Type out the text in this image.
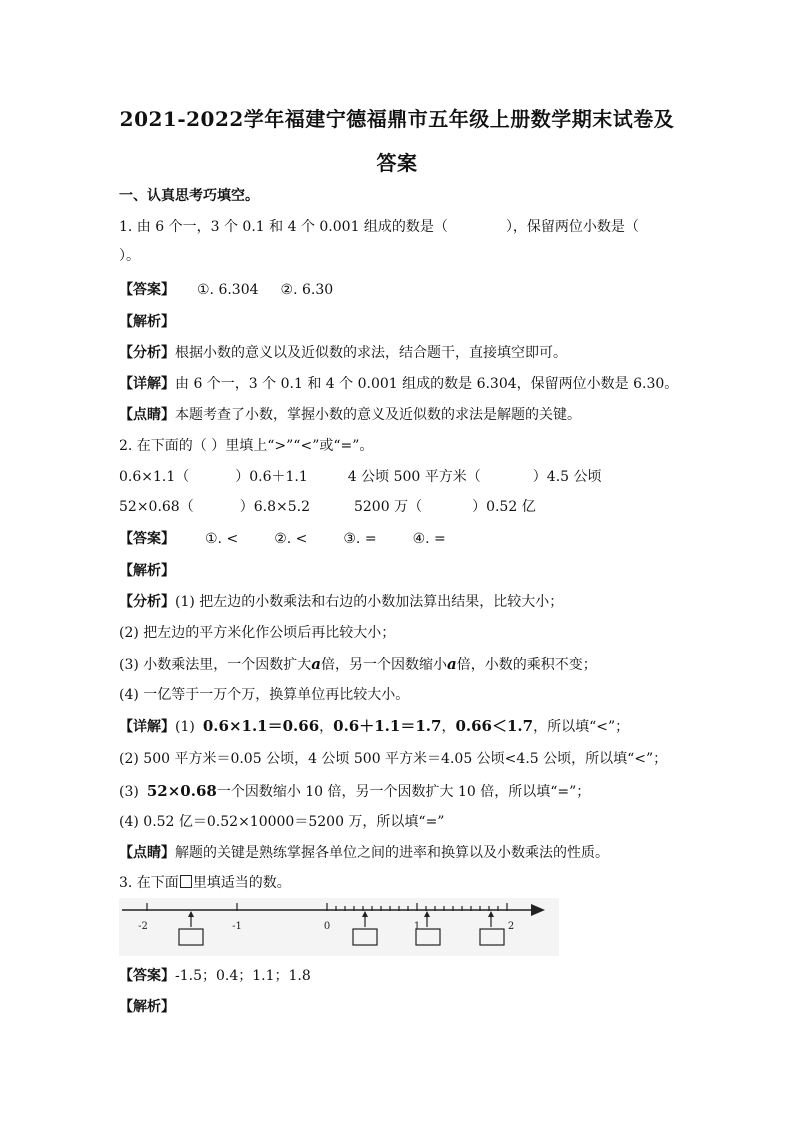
2021-2022学年福建宁德福鼎市五年级上册数学期末试卷及
答案
一、认真思考巧填空。
1. 由 6 个一，3 个 0.1 和 4 个 0.001 组成的数是（	），保留两位小数是（
）。
【答案】 ①. 6.304 ②. 6.30
【解析】
【分析】根据小数的意义以及近似数的求法，结合题干，直接填空即可。
【详解】由 6 个一，3 个 0.1 和 4 个 0.001 组成的数是 6.304，保留两位小数是 6.30。
【点睛】本题考查了小数，掌握小数的意义及近似数的求法是解题的关键。
2. 在下面的（ ）里填上“>”“<”或“=”。
0.6×1.1（	）0.6＋1.1	4 公顷 500 平方米（	）4.5 公顷
52×0.68（	）6.8×5.2	5200 万（	）0.52 亿
【答案】 ①. <	②. <	③. =	④. =
【解析】
【分析】(1) 把左边的小数乘法和右边的小数加法算出结果，比较大小；
(2) 把左边的平方米化作公顷后再比较大小；
(3) 小数乘法里，一个因数扩大a倍，另一个因数缩小a倍，小数的乘积不变；
(4) 一亿等于一万个万，换算单位再比较大小。
【详解】(1) 0.6×1.1＝0.66，0.6＋1.1＝1.7，0.66＜1.7，所以填“<”；
(2) 500 平方米＝0.05 公顷，4 公顷 500 平方米＝4.05 公顷<4.5 公顷，所以填“<”；
(3) 52×0.68一个因数缩小 10 倍，另一个因数扩大 10 倍，所以填“=”；
(4) 0.52 亿＝0.52×10000＝5200 万，所以填“=”
【点睛】解题的关键是熟练掌握各单位之间的进率和换算以及小数乘法的性质。
3. 在下面 里填适当的数。
-2	-1	0	1	2
【答案】-1.5；0.4；1.1；1.8
【解析】
